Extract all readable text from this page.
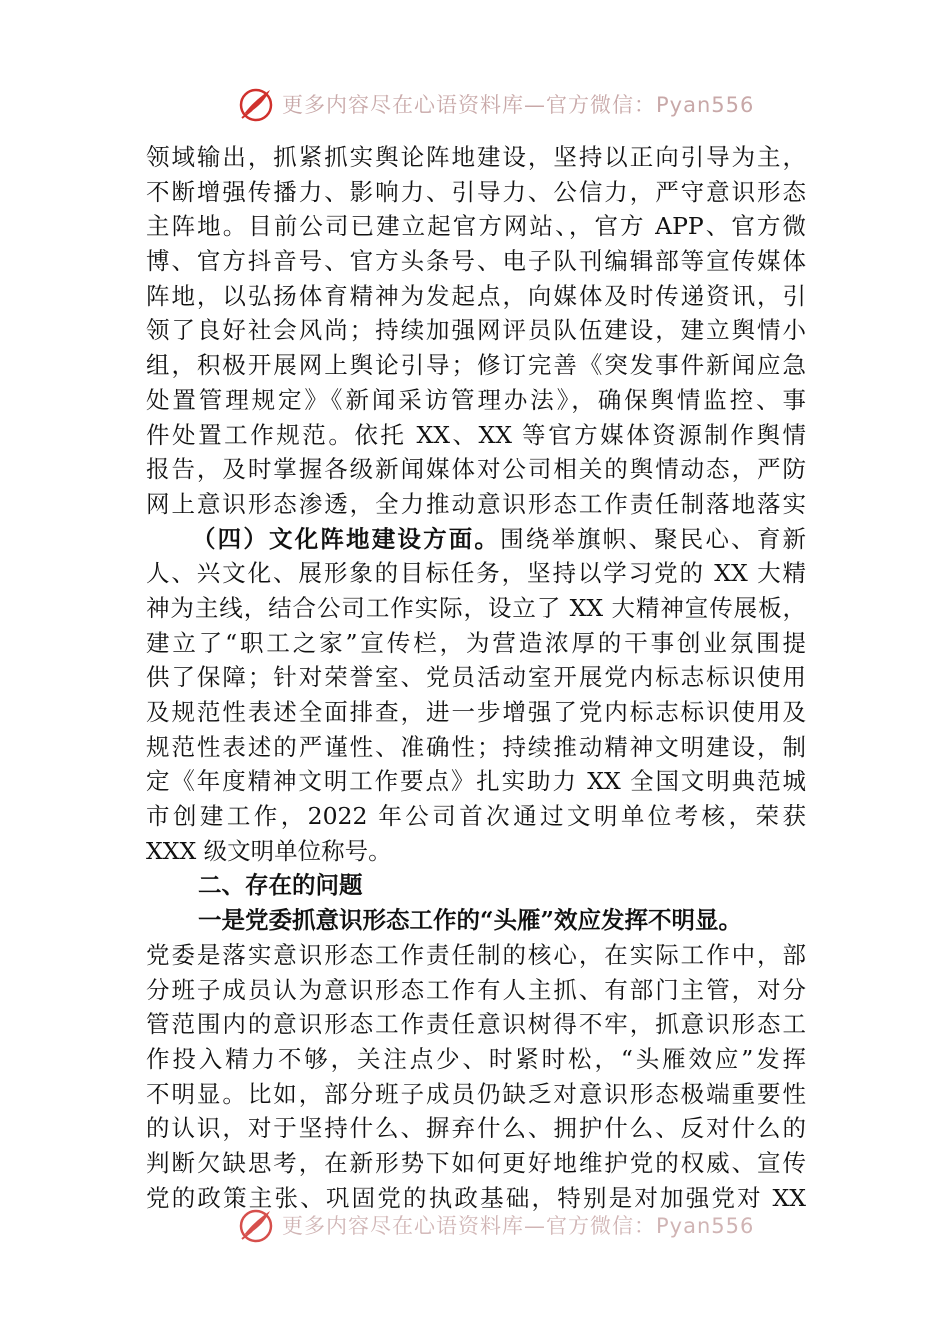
更多内容尽在心语资料库—官方微信：Pyan556
领域输出，抓紧抓实舆论阵地建设，坚持以正向引导为主，
不断增强传播力、影响力、引导力、公信力，严守意识形态
主阵地。目前公司已建立起官方网站、，官方 APP、官方微
博、官方抖音号、官方头条号、电子队刊编辑部等宣传媒体
阵地，以弘扬体育精神为发起点，向媒体及时传递资讯，引
领了良好社会风尚；持续加强网评员队伍建设，建立舆情小
组，积极开展网上舆论引导；修订完善《突发事件新闻应急
处置管理规定》《新闻采访管理办法》，确保舆情监控、事
件处置工作规范。依托 XX、XX 等官方媒体资源制作舆情
报告，及时掌握各级新闻媒体对公司相关的舆情动态，严防
网上意识形态渗透，全力推动意识形态工作责任制落地落实
（四）文化阵地建设方面。围绕举旗帜、聚民心、育新
人、兴文化、展形象的目标任务，坚持以学习党的 XX 大精
神为主线，结合公司工作实际，设立了 XX 大精神宣传展板，
建立了“职工之家”宣传栏，为营造浓厚的干事创业氛围提
供了保障；针对荣誉室、党员活动室开展党内标志标识使用
及规范性表述全面排查，进一步增强了党内标志标识使用及
规范性表述的严谨性、准确性；持续推动精神文明建设，制
定《年度精神文明工作要点》扎实助力 XX 全国文明典范城
市创建工作，2022 年公司首次通过文明单位考核，荣获
XXX 级文明单位称号。
二、存在的问题
一是党委抓意识形态工作的“头雁”效应发挥不明显。
党委是落实意识形态工作责任制的核心，在实际工作中，部
分班子成员认为意识形态工作有人主抓、有部门主管，对分
管范围内的意识形态工作责任意识树得不牢，抓意识形态工
作投入精力不够，关注点少、时紧时松，“头雁效应”发挥
不明显。比如，部分班子成员仍缺乏对意识形态极端重要性
的认识，对于坚持什么、摒弃什么、拥护什么、反对什么的
判断欠缺思考，在新形势下如何更好地维护党的权威、宣传
党的政策主张、巩固党的执政基础，特别是对加强党对 XX
更多内容尽在心语资料库—官方微信：Pyan556
